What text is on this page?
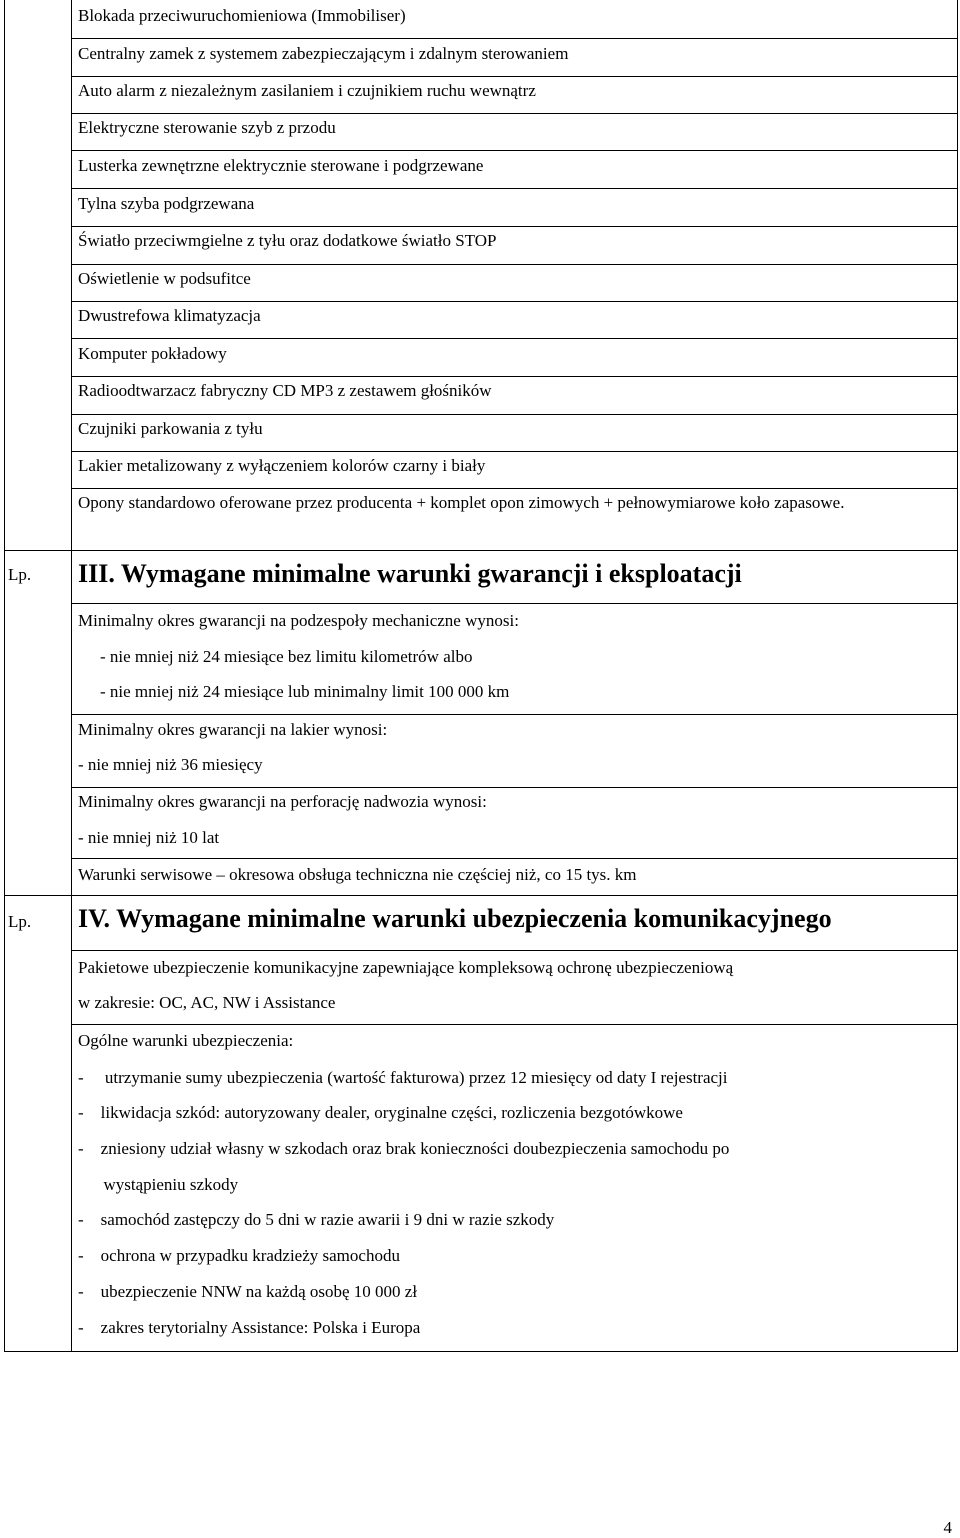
Blokada przeciwuruchomieniowa (Immobiliser)
Centralny zamek z systemem zabezpieczającym i zdalnym sterowaniem
Auto alarm z niezależnym zasilaniem i czujnikiem ruchu wewnątrz
Elektryczne sterowanie szyb z przodu
Lusterka zewnętrzne elektrycznie sterowane i podgrzewane
Tylna szyba podgrzewana
Światło przeciwmgielne z tyłu oraz dodatkowe światło STOP
Oświetlenie w podsufitce
Dwustrefowa klimatyzacja
Komputer pokładowy
Radioodtwarzacz fabryczny CD MP3 z zestawem głośników
Czujniki parkowania z tyłu
Lakier metalizowany z wyłączeniem kolorów czarny i biały
Opony standardowo oferowane przez producenta + komplet opon zimowych + pełnowymiarowe koło zapasowe.
Lp. III. Wymagane minimalne warunki gwarancji i eksploatacji
Minimalny okres gwarancji na podzespoły mechaniczne wynosi:
- nie mniej niż 24 miesiące bez limitu kilometrów albo
- nie mniej niż 24 miesiące lub minimalny limit 100 000 km
Minimalny okres gwarancji na lakier wynosi:
- nie mniej niż 36 miesięcy
Minimalny okres gwarancji na perforację nadwozia wynosi:
- nie mniej niż 10 lat
Warunki serwisowe – okresowa obsługa techniczna nie częściej niż, co 15 tys. km
Lp. IV. Wymagane minimalne warunki ubezpieczenia komunikacyjnego
Pakietowe ubezpieczenie komunikacyjne zapewniające kompleksową ochronę ubezpieczeniową
w zakresie: OC, AC, NW i Assistance
Ogólne warunki ubezpieczenia:
-     utrzymanie sumy ubezpieczenia (wartość fakturowa) przez 12 miesięcy od daty I rejestracji
-    likwidacja szkód: autoryzowany dealer, oryginalne części, rozliczenia bezgotówkowe
-    zniesiony udział własny w szkodach oraz brak konieczności doubezpieczenia samochodu po
wystąpieniu szkody
-    samochód zastępczy do 5 dni w razie awarii i 9 dni w razie szkody
-    ochrona w przypadku kradzieży samochodu
-    ubezpieczenie NNW na każdą osobę 10 000 zł
-    zakres terytorialny Assistance: Polska i Europa
4
